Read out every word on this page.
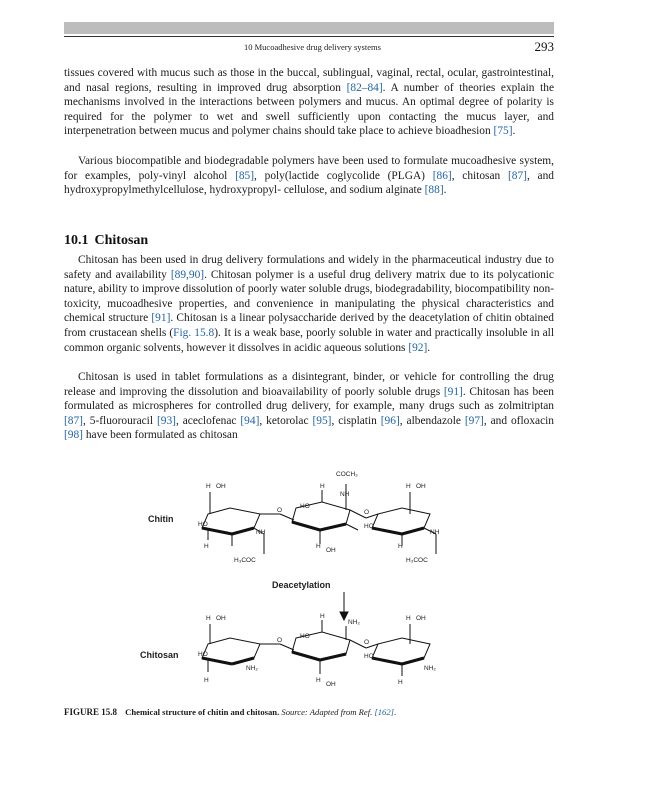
10 Mucoadhesive drug delivery systems	293

tissues covered with mucus such as those in the buccal, sublingual, vaginal, rectal, ocular, gastrointestinal, and nasal regions, resulting in improved drug absorption [82–84]. A number of theories explain the mechanisms involved in the interactions between polymers and mucus. An optimal degree of polarity is required for the polymer to wet and swell sufficiently upon contacting the mucus layer, and interpenetration between mucus and polymer chains should take place to achieve bioadhesion [75].

Various biocompatible and biodegradable polymers have been used to formulate mucoadhesive system, for examples, poly-vinyl alcohol [85], poly(lactide coglycolide (PLGA) [86], chitosan [87], and hydroxypropylmethylcellulose, hydroxypropyl- cellulose, and sodium alginate [88].

10.1 Chitosan

Chitosan has been used in drug delivery formulations and widely in the pharmaceutical industry due to safety and availability [89,90]. Chitosan polymer is a useful drug delivery matrix due to its polycationic nature, ability to improve dissolution of poorly water soluble drugs, biodegradability, biocompatibility non-toxicity, mucoadhesive properties, and convenience in manipulating the physical characteristics and chemical structure [91]. Chitosan is a linear polysaccharide derived by the deacetylation of chitin obtained from crustacean shells (Fig. 15.8). It is a weak base, poorly soluble in water and practically insoluble in all common organic solvents, however it dissolves in acidic aqueous solutions [92].

Chitosan is used in tablet formulations as a disintegrant, binder, or vehicle for controlling the drug release and improving the dissolution and bioavailability of poorly soluble drugs [91]. Chitosan has been formulated as microspheres for controlled drug delivery, for example, many drugs such as zolmitriptan [87], 5-fluorouracil [93], aceclofenac [94], ketorolac [95], cisplatin [96], albendazole [97], and ofloxacin [98] have been formulated as chitosan

Chitin
Chitosan
Deacetylation
COCH₃
H OH	H
NH
H OH
O	O
HO
HO	HO
NH	NH
H	H
OH
H
H₃COC	H₃COC
H OH	H
NH₂
H OH
O	O
HO
HO	HO
NH₂	NH₂
H	H
OH	H
FIGURE 15.8 Chemical structure of chitin and chitosan. Source: Adapted from Ref. [162].
